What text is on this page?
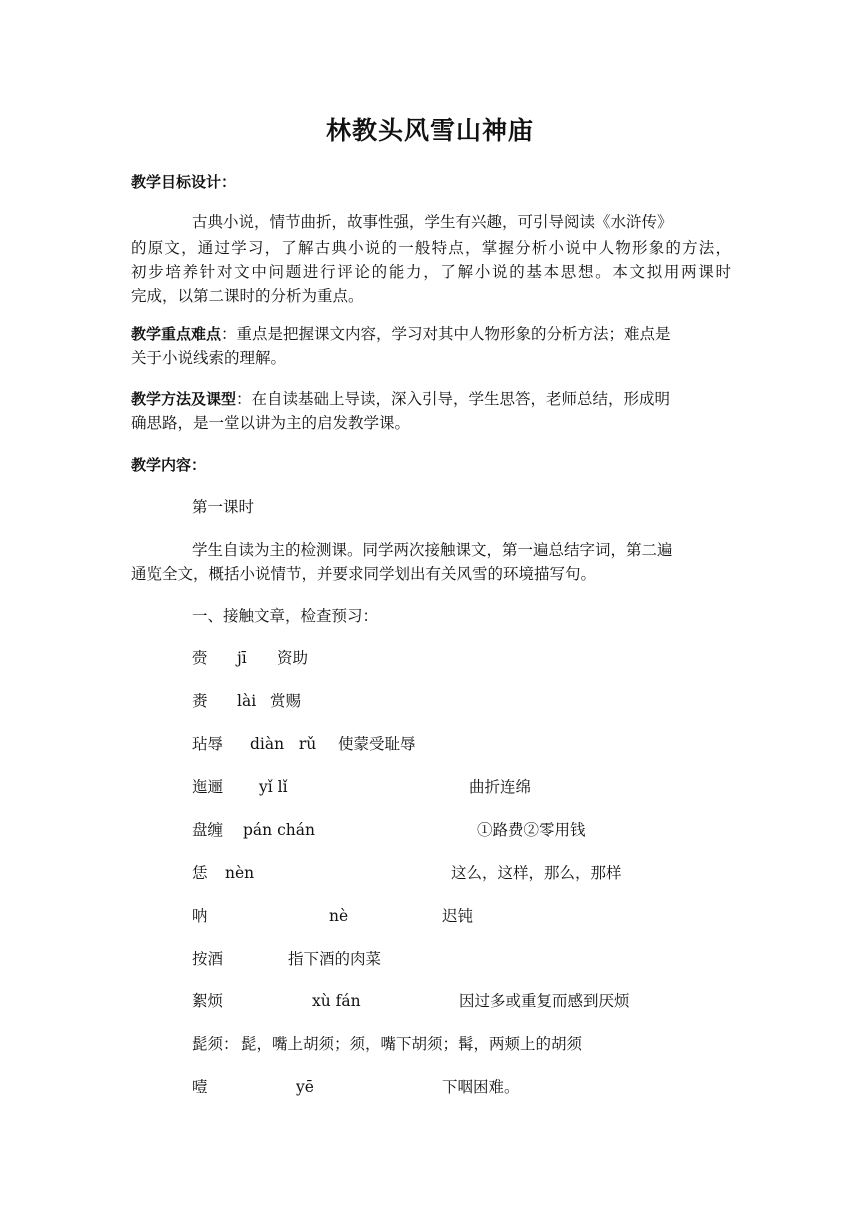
林教头风雪山神庙
教学目标设计：
古典小说，情节曲折，故事性强，学生有兴趣，可引导阅读《水浒传》
的原文，通过学习，了解古典小说的一般特点，掌握分析小说中人物形象的方法，
初步培养针对文中问题进行评论的能力，了解小说的基本思想。本文拟用两课时
完成，以第二课时的分析为重点。
教学重点难点：重点是把握课文内容，学习对其中人物形象的分析方法；难点是
关于小说线索的理解。
教学方法及课型：在自读基础上导读，深入引导，学生思答，老师总结，形成明
确思路，是一堂以讲为主的启发教学课。
教学内容：
第一课时
学生自读为主的检测课。同学两次接触课文，第一遍总结字词，第二遍
通览全文，概括小说情节，并要求同学划出有关风雪的环境描写句。
一、接触文章，检查预习：
赍 jī 资助
赉 lài 赏赐
玷辱 diàn   rǔ 使蒙受耻辱
迤逦 yǐ lǐ	曲折连绵
盘缠 pán chán	①路费②零用钱
恁 nèn	这么，这样，那么，那样
呐	nè	迟钝
按酒	指下酒的肉菜
絮烦	xù fán	因过多或重复而感到厌烦
髭须： 髭，嘴上胡须；须，嘴下胡须；髯，两颊上的胡须
噎	yē	下咽困难。
